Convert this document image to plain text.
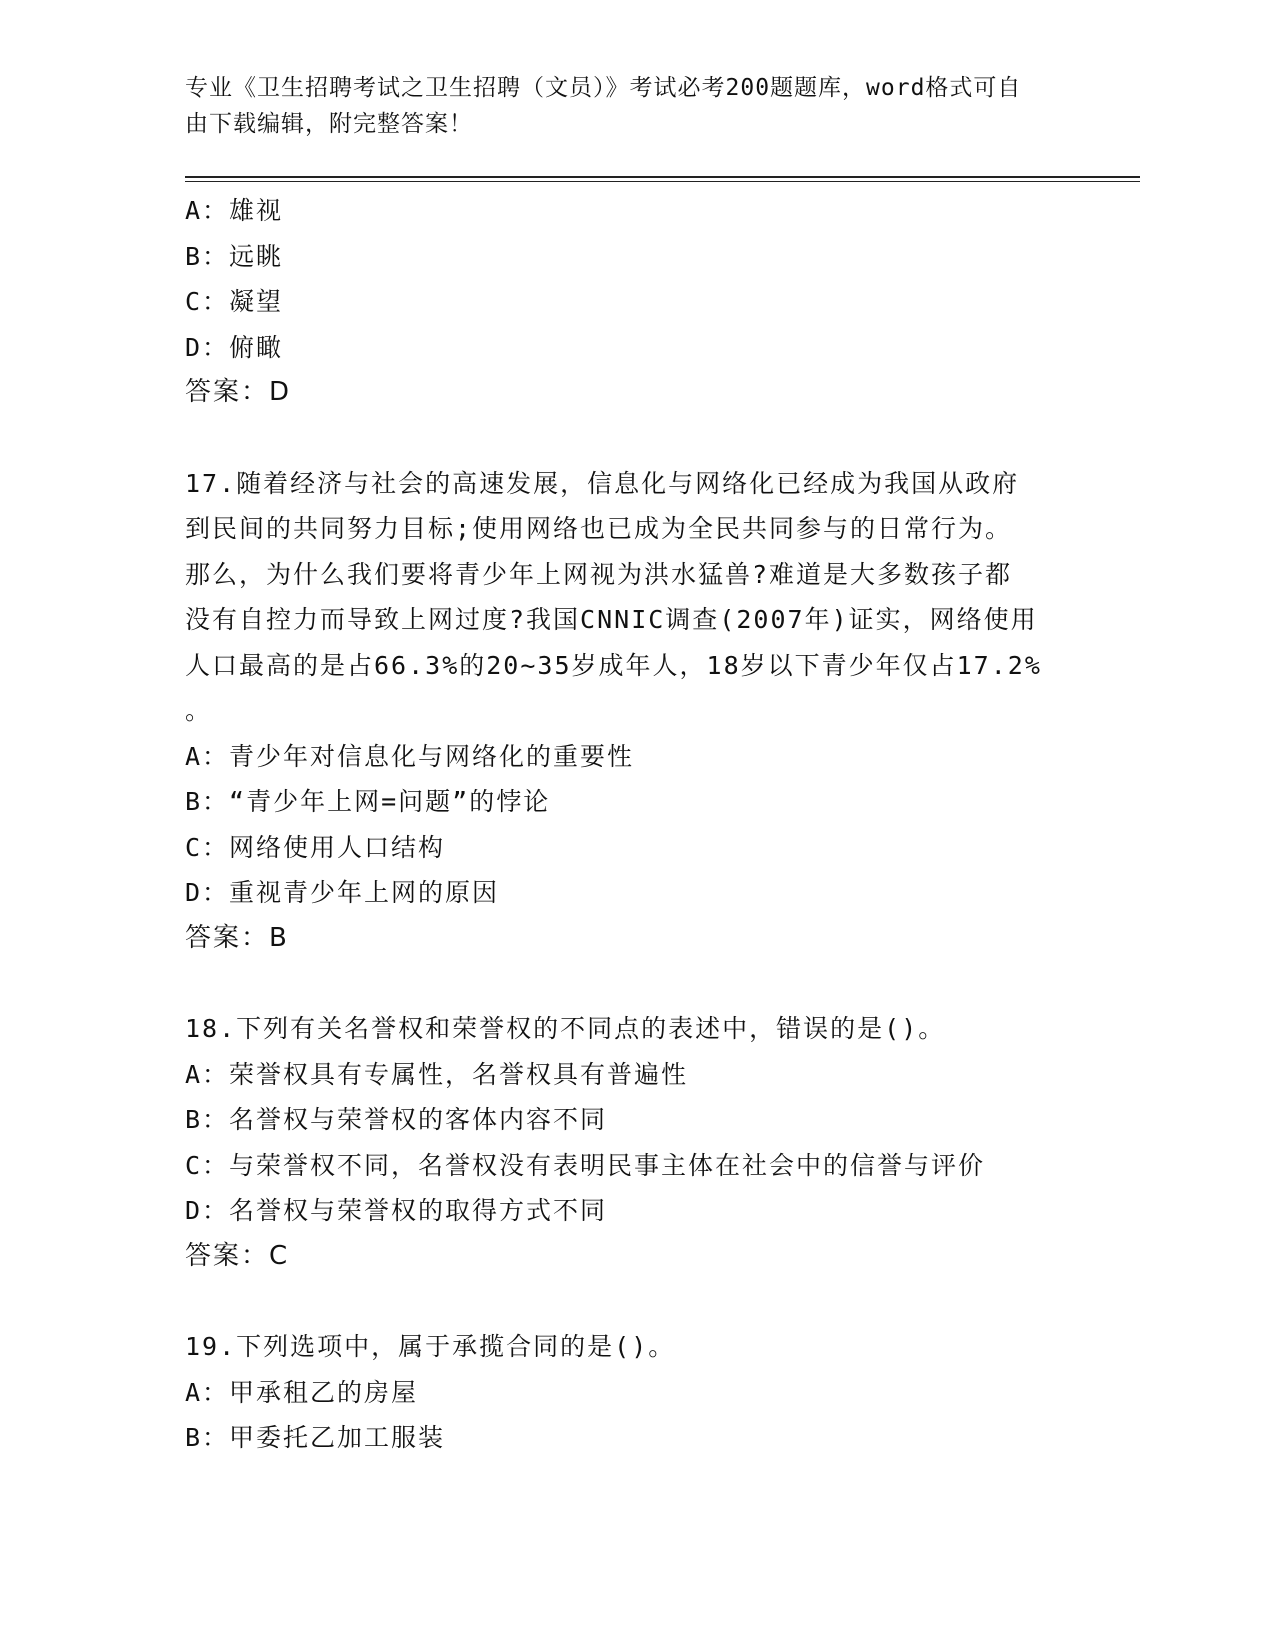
专业《卫生招聘考试之卫生招聘（文员）》考试必考200题题库，word格式可自
由下载编辑，附完整答案！
A：雄视
B：远眺
C：凝望
D：俯瞰
答案：D
17.随着经济与社会的高速发展，信息化与网络化已经成为我国从政府
到民间的共同努力目标;使用网络也已成为全民共同参与的日常行为。
那么，为什么我们要将青少年上网视为洪水猛兽?难道是大多数孩子都
没有自控力而导致上网过度?我国CNNIC调查(2007年)证实，网络使用
人口最高的是占66.3%的20~35岁成年人，18岁以下青少年仅占17.2%
。
A：青少年对信息化与网络化的重要性
B：“青少年上网=问题”的悖论
C：网络使用人口结构
D：重视青少年上网的原因
答案：B
18.下列有关名誉权和荣誉权的不同点的表述中，错误的是()。
A：荣誉权具有专属性，名誉权具有普遍性
B：名誉权与荣誉权的客体内容不同
C：与荣誉权不同，名誉权没有表明民事主体在社会中的信誉与评价
D：名誉权与荣誉权的取得方式不同
答案：C
19.下列选项中，属于承揽合同的是()。
A：甲承租乙的房屋
B：甲委托乙加工服装
